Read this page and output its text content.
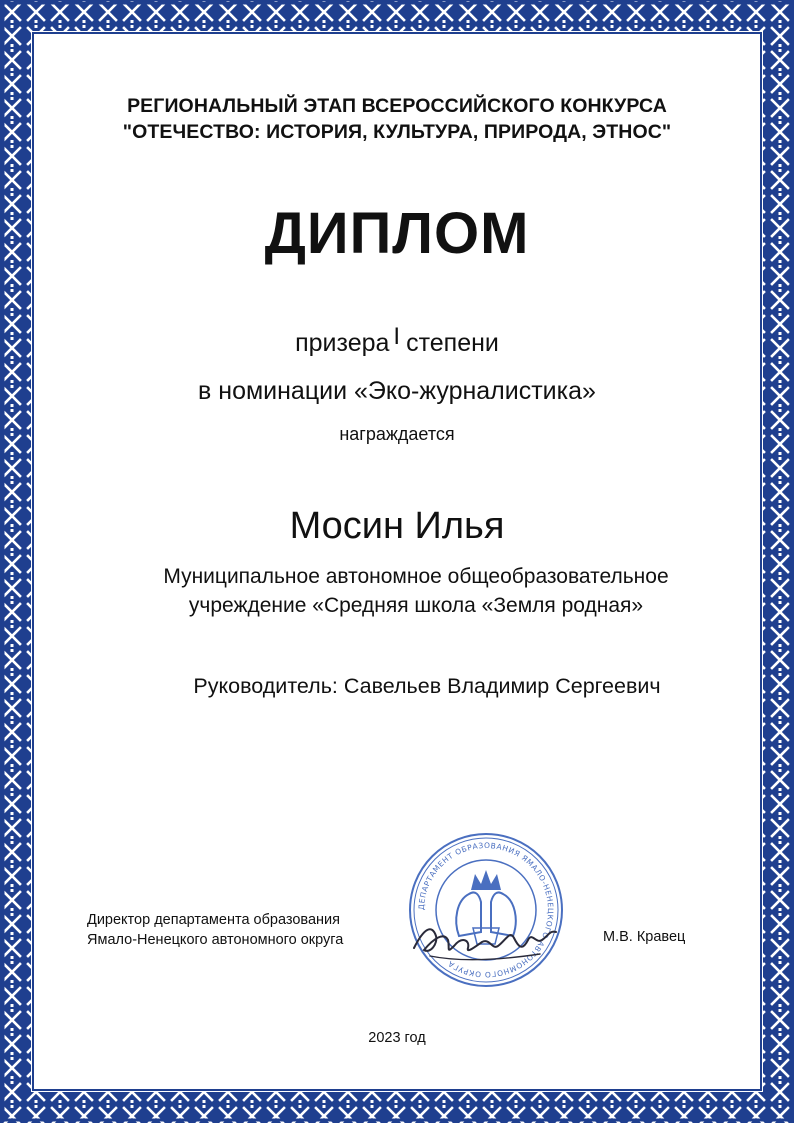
РЕГИОНАЛЬНЫЙ ЭТАП ВСЕРОССИЙСКОГО КОНКУРСА
"ОТЕЧЕСТВО: ИСТОРИЯ, КУЛЬТУРА, ПРИРОДА, ЭТНОС"
ДИПЛОМ
призера I степени
в номинации «Эко-журналистика»
награждается
Мосин Илья
Муниципальное автономное общеобразовательное
учреждение «Средняя школа «Земля родная»
Руководитель: Савельев Владимир Сергеевич
ДЕПАРТАМЕНТ ОБРАЗОВАНИЯ ЯМАЛО-НЕНЕЦКОГО АВТОНОМНОГО ОКРУГА
Директор департамента образования
Ямало-Ненецкого автономного округа	М.В. Кравец
2023 год
